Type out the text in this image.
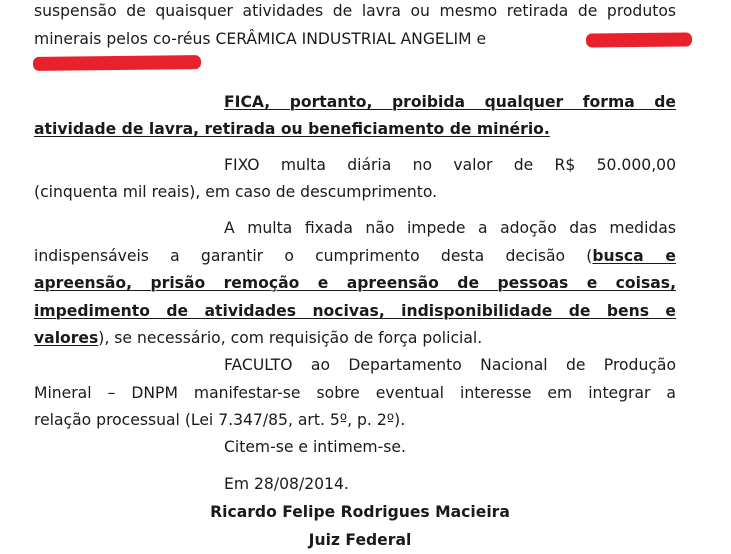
suspensão de quaisquer atividades de lavra ou mesmo retirada de produtos

minerais pelos co-réus CERÂMICA INDUSTRIAL ANGELIM e

FICA, portanto, proibida qualquer forma de

atividade de lavra, retirada ou beneficiamento de minério.

FIXO multa diária no valor de R$ 50.000,00

(cinquenta mil reais), em caso de descumprimento.

A multa fixada não impede a adoção das medidas

indispensáveis a garantir o cumprimento desta decisão (busca e

apreensão, prisão remoção e apreensão de pessoas e coisas,

impedimento de atividades nocivas, indisponibilidade de bens e

valores), se necessário, com requisição de força policial.

FACULTO ao Departamento Nacional de Produção

Mineral – DNPM manifestar-se sobre eventual interesse em integrar a

relação processual (Lei 7.347/85, art. 5º, p. 2º).

Citem-se e intimem-se.

Em 28/08/2014.

Ricardo Felipe Rodrigues Macieira

Juiz Federal
